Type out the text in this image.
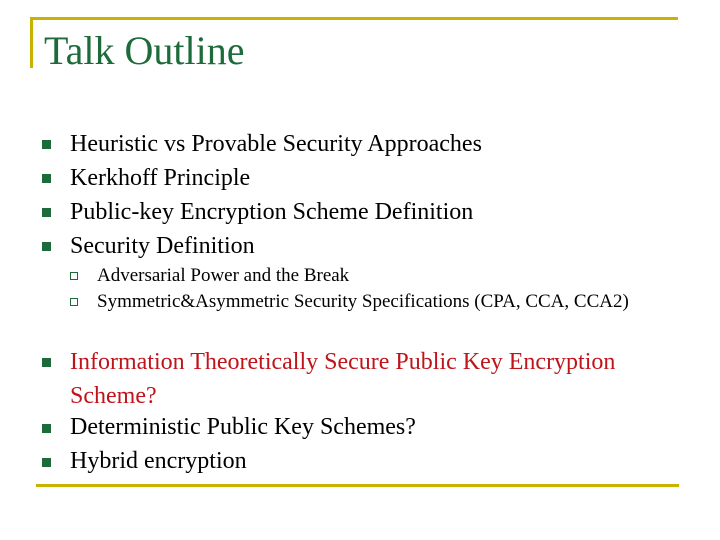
Talk Outline
Heuristic vs Provable Security Approaches
Kerkhoff Principle
Public-key Encryption Scheme Definition
Security Definition
Adversarial Power and the Break
Symmetric&Asymmetric Security Specifications (CPA, CCA, CCA2)
Information Theoretically Secure Public Key Encryption Scheme?
Deterministic Public Key Schemes?
Hybrid encryption
